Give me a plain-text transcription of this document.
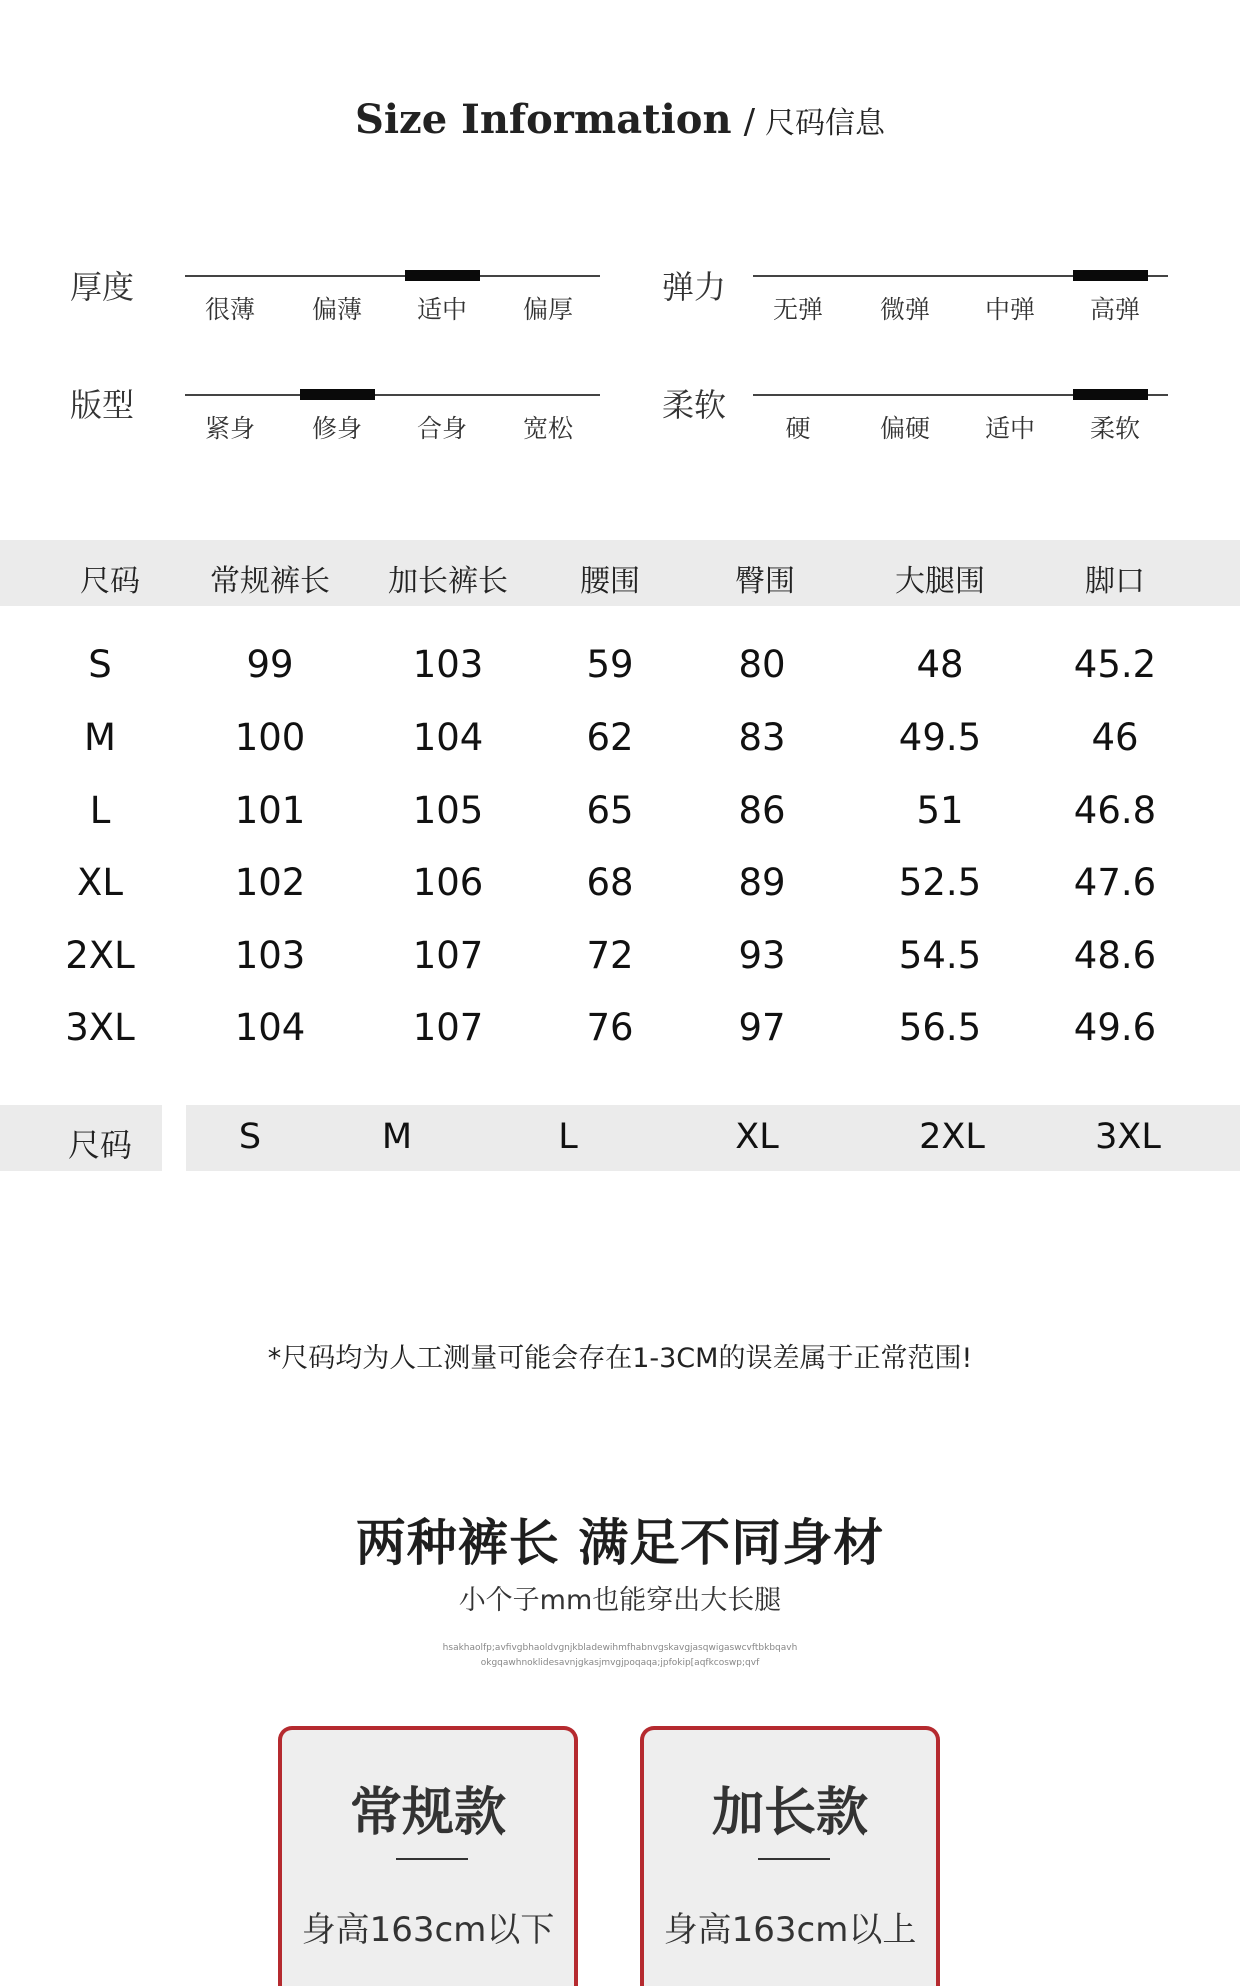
Size Information / 尺码信息
厚度
很薄	偏薄	适中	偏厚
弹力
无弹	微弹	中弹	高弹
版型
紧身	修身	合身	宽松
柔软
硬	偏硬	适中	柔软
尺码	常规裤长	加长裤长	腰围	臀围	大腿围	脚口
S	99	103	59	80	48	45.2
M	100	104	62	83	49.5	46
L	101	105	65	86	51	46.8
XL	102	106	68	89	52.5	47.6
2XL	103	107	72	93	54.5	48.6
3XL	104	107	76	97	56.5	49.6
尺码	S	M	L	XL	2XL	3XL
*尺码均为人工测量可能会存在1-3CM的误差属于正常范围!
两种裤长 满足不同身材
小个子mm也能穿出大长腿
hsakhaolfp;avfivgbhaoldvgnjkbladewihmfhabnvgskavgjasqwigaswcvftbkbqavh
okgqawhnoklidesavnjgkasjmvgjpoqaqa;jpfokip[aqfkcoswp;qvf
常规款
身高163cm以下
加长款
身高163cm以上
